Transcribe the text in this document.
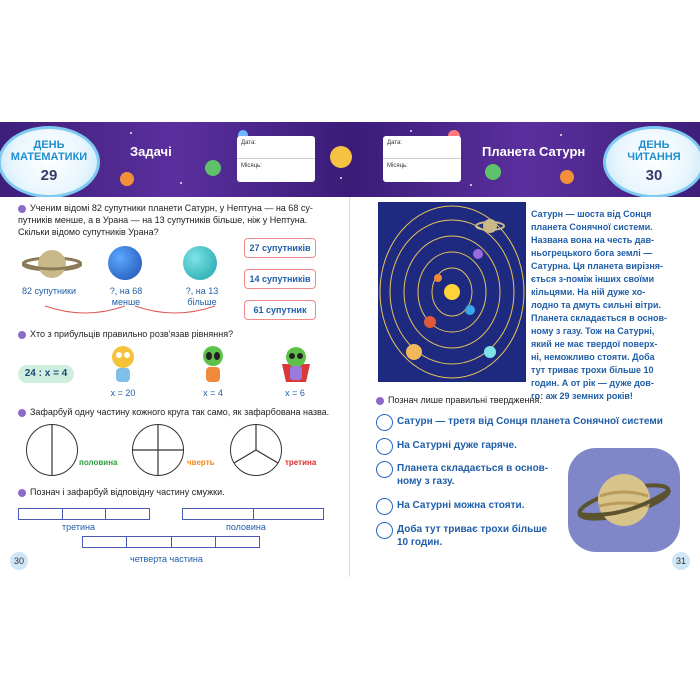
ДЕНЬ
МАТЕМАТИКИ
29
Задачі
Дата:
Місяць:
Дата:
Місяць:
Планета Сатурн	ДЕНЬ
ЧИТАННЯ
30
Ученим відомі 82 супутники планети Сатурн, у Нептуна — на 68 су-
путників менше, а в Урана — на 13 супутників більше, ніж у Нептуна.
Скільки відомо супутників Урана?
82 супутники	?, на 68
менше
?, на 13
більше
27 супутників
14 супутників
61 супутник
Хто з прибульців правильно розв'язав рівняння?
24 : x = 4
x = 20	x = 4	x = 6
Зафарбуй одну частину кожного круга так само, як зафарбована назва.
половина	чверть	третина
Познач і зафарбуй відповідну частину смужки.
третина	половина
четверта частина
30
Сатурн — шоста від Сонця
планета Сонячної системи.
Названа вона на честь дав-
ньогрецького бога землі —
Сатурна. Ця планета вирізня-
ється з-поміж інших своїми
кільцями. На ній дуже хо-
лодно та дмуть сильні вітри.
Планета складається в основ-
ному з газу. Тож на Сатурні,
який не має твердої поверх-
ні, неможливо стояти. Доба
тут триває трохи більше 10
годин. А от рік — дуже дов-
го: аж 29 земних років!
Познач лише правильні твердження.
Сатурн — третя від Сонця планета Сонячної системи
На Сатурні дуже гаряче.
Планета складається в основ-
ному з газу.
На Сатурні можна стояти.
Доба тут триває трохи більше
10 годин.
31
